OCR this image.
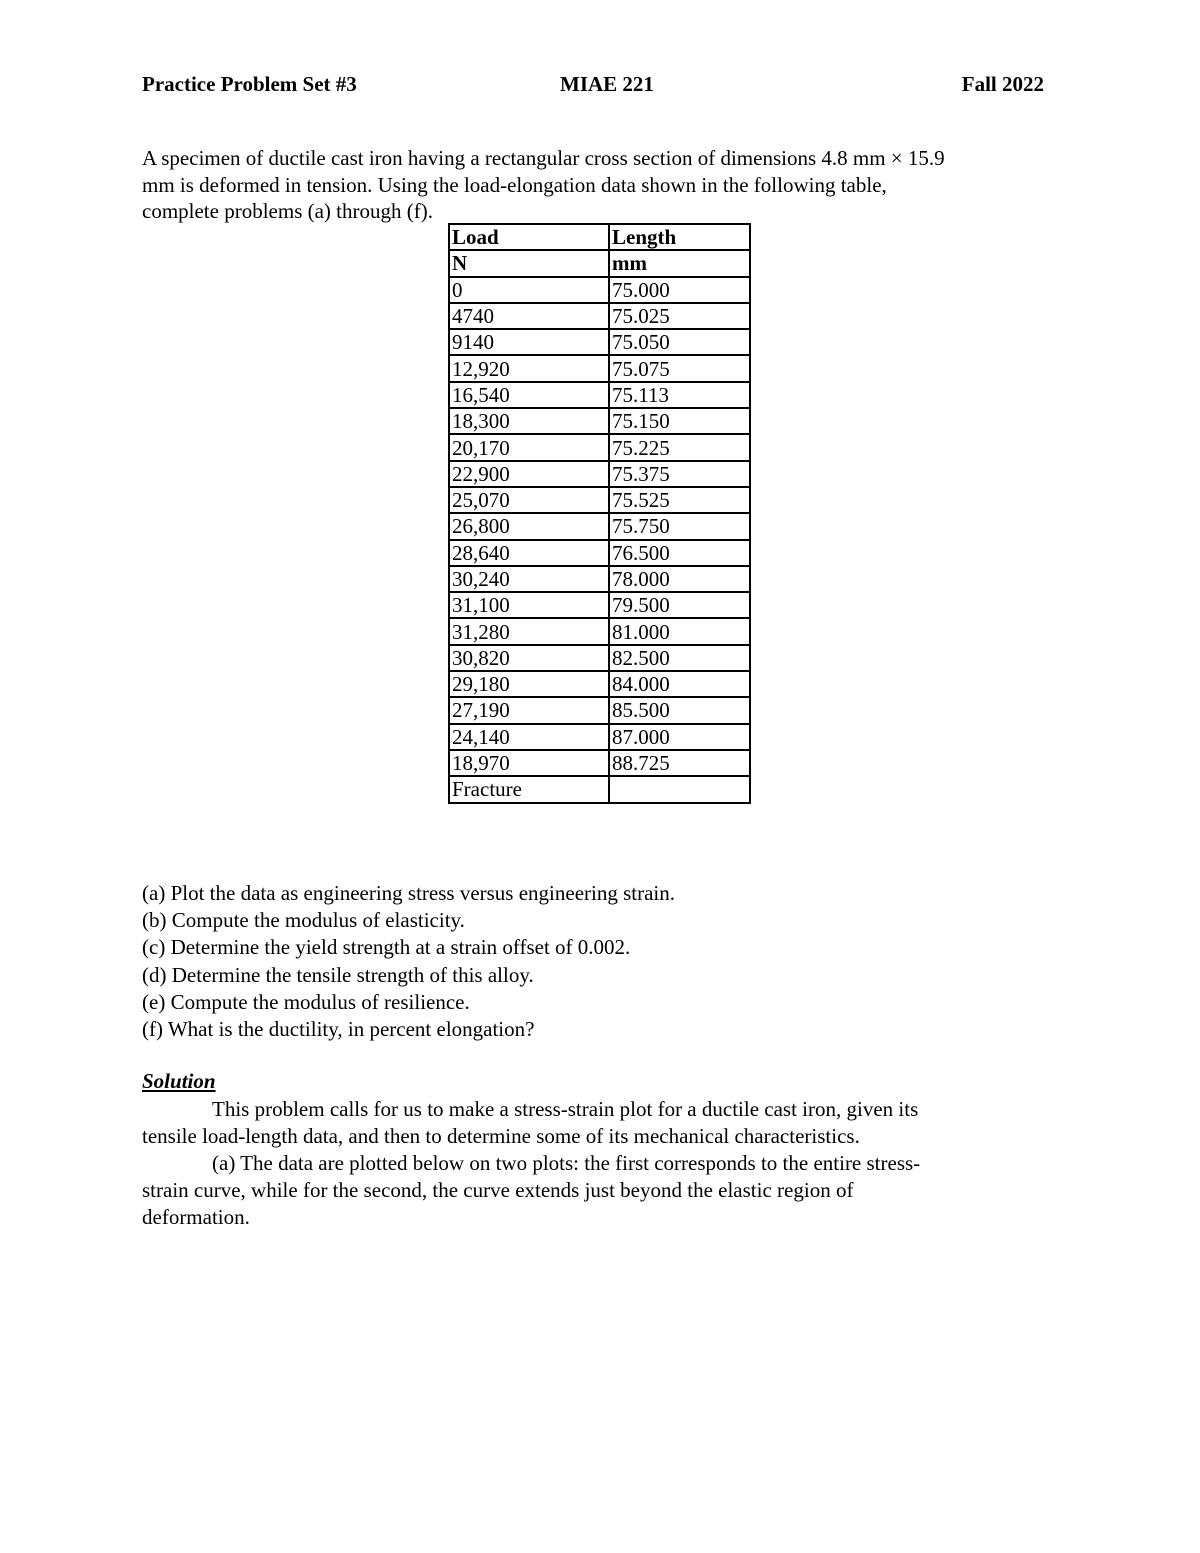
Practice Problem Set #3	MIAE 221	Fall 2022
A specimen of ductile cast iron having a rectangular cross section of dimensions 4.8 mm × 15.9
mm is deformed in tension. Using the load-elongation data shown in the following table,
complete problems (a) through (f).
Load	Length
N	mm
0	75.000
4740	75.025
9140	75.050
12,920	75.075
16,540	75.113
18,300	75.150
20,170	75.225
22,900	75.375
25,070	75.525
26,800	75.750
28,640	76.500
30,240	78.000
31,100	79.500
31,280	81.000
30,820	82.500
29,180	84.000
27,190	85.500
24,140	87.000
18,970	88.725
Fracture	
(a) Plot the data as engineering stress versus engineering strain.
(b) Compute the modulus of elasticity.
(c) Determine the yield strength at a strain offset of 0.002.
(d) Determine the tensile strength of this alloy.
(e) Compute the modulus of resilience.
(f) What is the ductility, in percent elongation?
Solution
This problem calls for us to make a stress-strain plot for a ductile cast iron, given its
tensile load-length data, and then to determine some of its mechanical characteristics.
(a) The data are plotted below on two plots: the first corresponds to the entire stress-
strain curve, while for the second, the curve extends just beyond the elastic region of
deformation.
